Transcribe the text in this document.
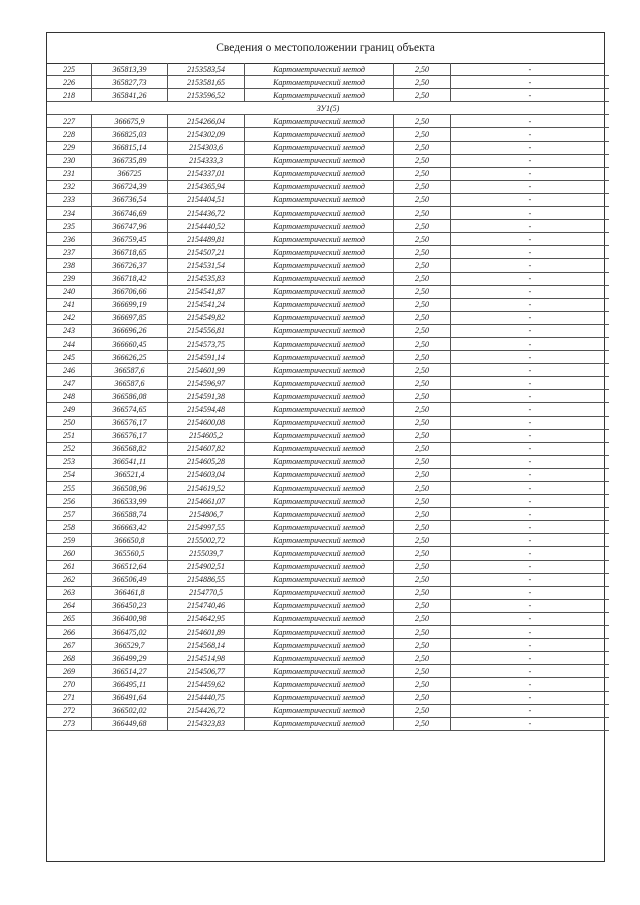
Сведения о местоположении границ объекта
225	365813,39	2153583,54	Картометрический метод	2,50	-
226	365827,73	2153581,65	Картометрический метод	2,50	-
218	365841,26	2153596,52	Картометрический метод	2,50	-
ЗУ1(5)					
227	366675,9	2154266,04	Картометрический метод	2,50	-
228	366825,03	2154302,09	Картометрический метод	2,50	-
229	366815,14	2154303,6	Картометрический метод	2,50	-
230	366735,89	2154333,3	Картометрический метод	2,50	-
231	366725	2154337,01	Картометрический метод	2,50	-
232	366724,39	2154365,94	Картометрический метод	2,50	-
233	366736,54	2154404,51	Картометрический метод	2,50	-
234	366746,69	2154436,72	Картометрический метод	2,50	-
235	366747,96	2154440,52	Картометрический метод	2,50	-
236	366759,45	2154489,81	Картометрический метод	2,50	-
237	366718,65	2154507,21	Картометрический метод	2,50	-
238	366726,37	2154531,54	Картометрический метод	2,50	-
239	366718,42	2154535,83	Картометрический метод	2,50	-
240	366706,66	2154541,87	Картометрический метод	2,50	-
241	366699,19	2154541,24	Картометрический метод	2,50	-
242	366697,85	2154549,82	Картометрический метод	2,50	-
243	366696,26	2154556,81	Картометрический метод	2,50	-
244	366660,45	2154573,75	Картометрический метод	2,50	-
245	366626,25	2154591,14	Картометрический метод	2,50	-
246	366587,6	2154601,99	Картометрический метод	2,50	-
247	366587,6	2154596,97	Картометрический метод	2,50	-
248	366586,08	2154591,38	Картометрический метод	2,50	-
249	366574,65	2154594,48	Картометрический метод	2,50	-
250	366576,17	2154600,08	Картометрический метод	2,50	-
251	366576,17	2154605,2	Картометрический метод	2,50	-
252	366568,82	2154607,82	Картометрический метод	2,50	-
253	366541,11	2154605,28	Картометрический метод	2,50	-
254	366521,4	2154603,04	Картометрический метод	2,50	-
255	366508,96	2154619,52	Картометрический метод	2,50	-
256	366533,99	2154661,07	Картометрический метод	2,50	-
257	366588,74	2154806,7	Картометрический метод	2,50	-
258	366663,42	2154997,55	Картометрический метод	2,50	-
259	366650,8	2155002,72	Картометрический метод	2,50	-
260	365560,5	2155039,7	Картометрический метод	2,50	-
261	366512,64	2154902,51	Картометрический метод	2,50	-
262	366506,49	2154886,55	Картометрический метод	2,50	-
263	366461,8	2154770,5	Картометрический метод	2,50	-
264	366450,23	2154740,46	Картометрический метод	2,50	-
265	366400,98	2154642,95	Картометрический метод	2,50	-
266	366475,02	2154601,89	Картометрический метод	2,50	-
267	366529,7	2154568,14	Картометрический метод	2,50	-
268	366499,29	2154514,98	Картометрический метод	2,50	-
269	366514,27	2154506,77	Картометрический метод	2,50	-
270	366495,11	2154459,62	Картометрический метод	2,50	-
271	366491,64	2154440,75	Картометрический метод	2,50	-
272	366502,02	2154426,72	Картометрический метод	2,50	-
273	366449,68	2154323,83	Картометрический метод	2,50	-
